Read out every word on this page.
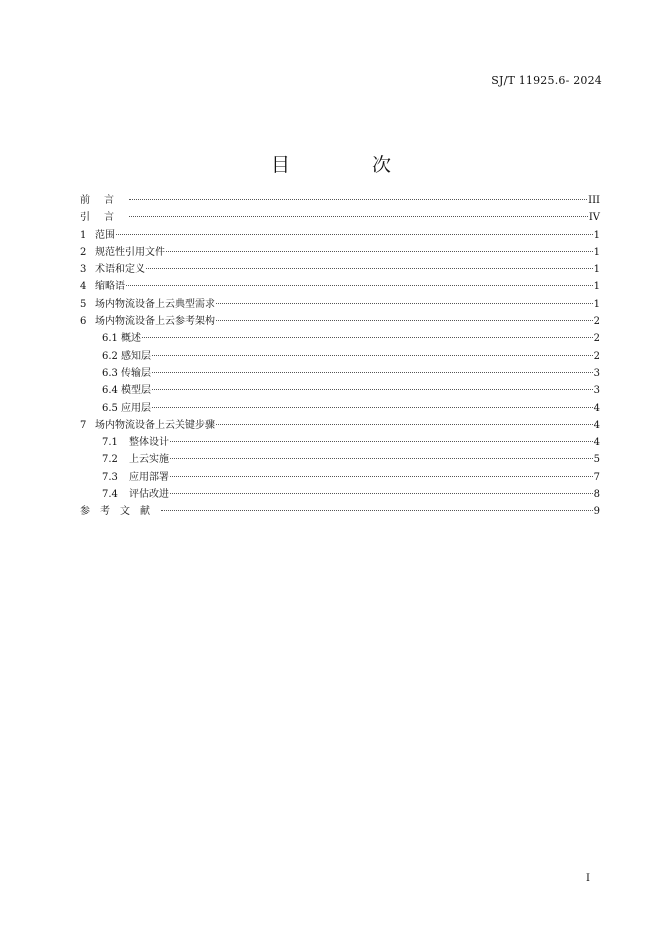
SJ/T 11925.6- 2024
目 次
前言	III
引言	IV
1 范围	1
2 规范性引用文件	1
3 术语和定义	1
4 缩略语	1
5 场内物流设备上云典型需求	1
6 场内物流设备上云参考架构	2
6.1 概述	2
6.2 感知层	2
6.3 传输层	3
6.4 模型层	3
6.5 应用层	4
7 场内物流设备上云关键步骤	4
7.1	整体设计	4
7.2	上云实施	5
7.3	应用部署	7
7.4	评估改进	8
参考文献	9
I
